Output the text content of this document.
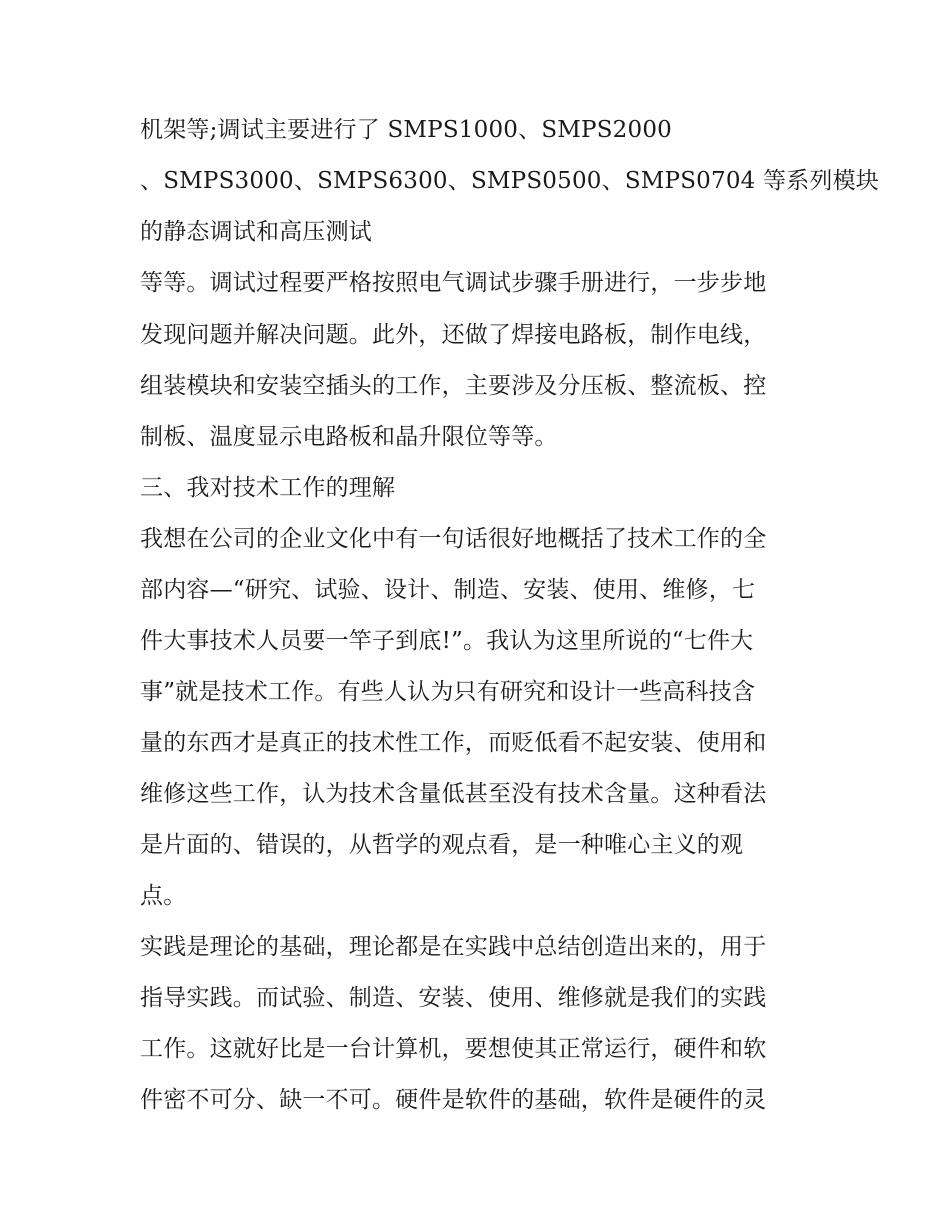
机架等;调试主要进行了 SMPS1000、SMPS2000
、SMPS3000、SMPS6300、SMPS0500、SMPS0704 等系列模块
的静态调试和高压测试
等等。调试过程要严格按照电气调试步骤手册进行，一步步地
发现问题并解决问题。此外，还做了焊接电路板，制作电线，
组装模块和安装空插头的工作，主要涉及分压板、整流板、控
制板、温度显示电路板和晶升限位等等。
三、我对技术工作的理解
我想在公司的企业文化中有一句话很好地概括了技术工作的全
部内容—“研究、试验、设计、制造、安装、使用、维修，七
件大事技术人员要一竿子到底!”。我认为这里所说的“七件大
事”就是技术工作。有些人认为只有研究和设计一些高科技含
量的东西才是真正的技术性工作，而贬低看不起安装、使用和
维修这些工作，认为技术含量低甚至没有技术含量。这种看法
是片面的、错误的，从哲学的观点看，是一种唯心主义的观
点。
实践是理论的基础，理论都是在实践中总结创造出来的，用于
指导实践。而试验、制造、安装、使用、维修就是我们的实践
工作。这就好比是一台计算机，要想使其正常运行，硬件和软
件密不可分、缺一不可。硬件是软件的基础，软件是硬件的灵
